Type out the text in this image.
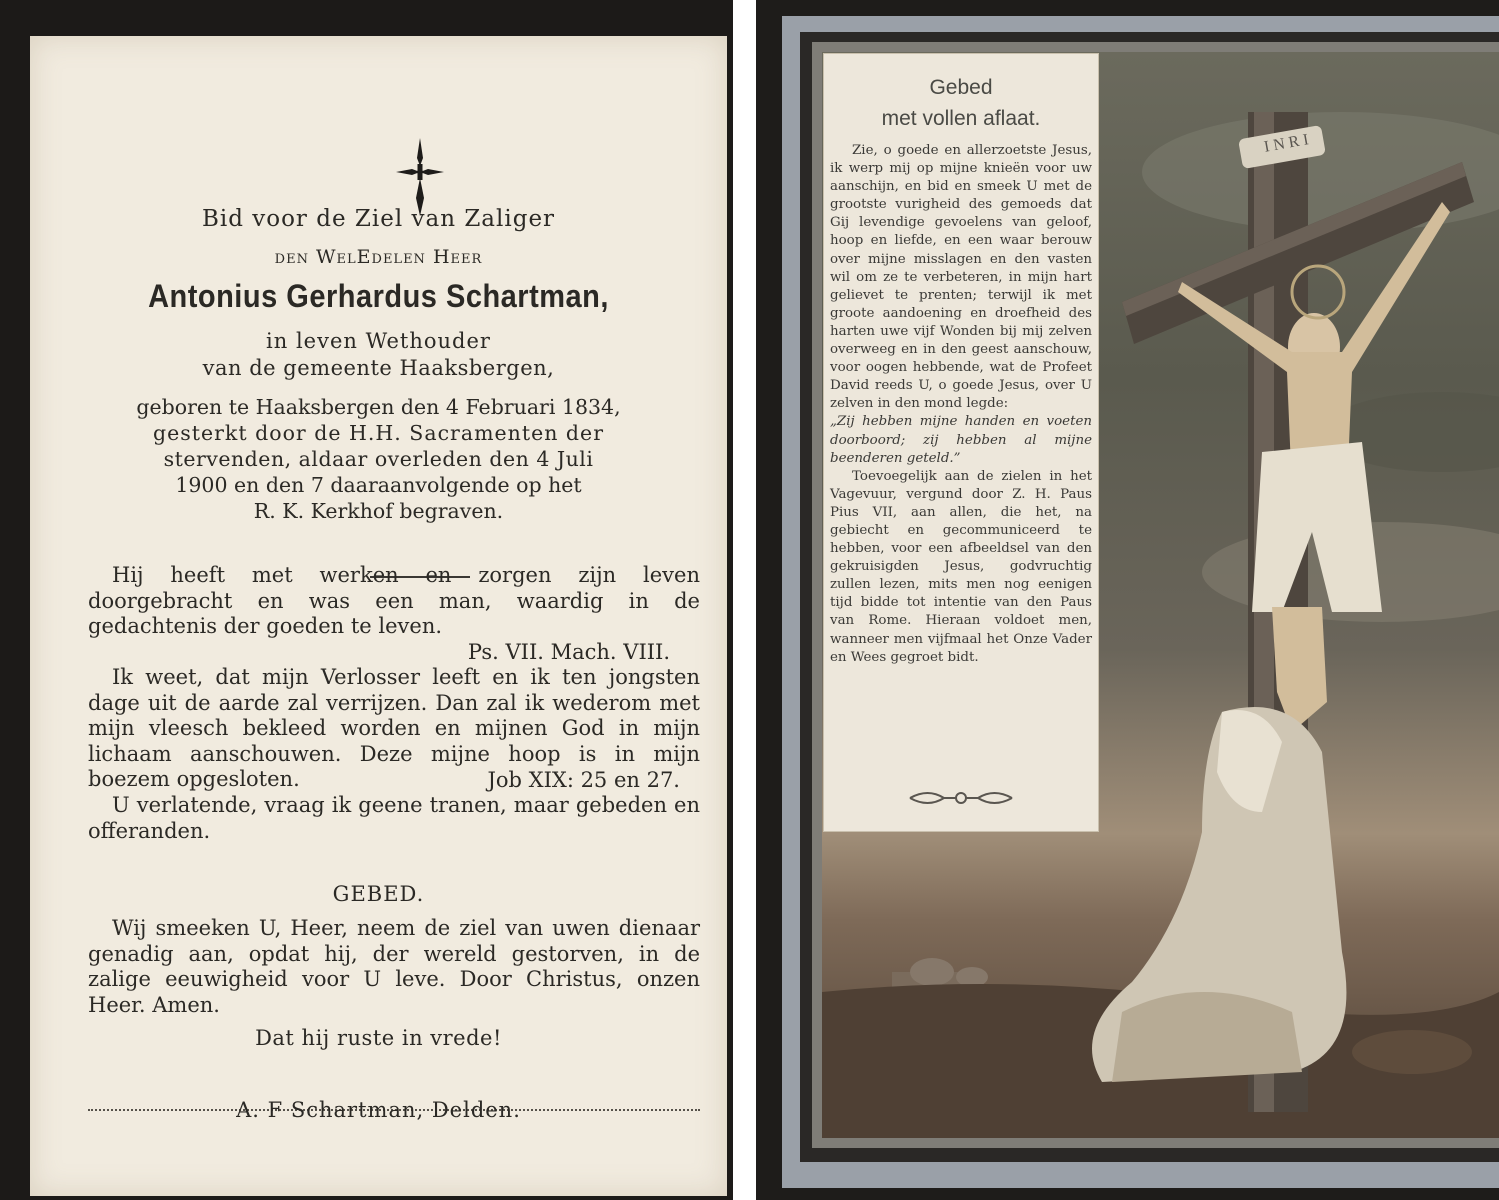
Bid voor de Ziel van Zaliger
den WelEdelen Heer
Antonius Gerhardus Schartman,
in leven Wethouder
van de gemeente Haaksbergen,
geboren te Haaksbergen den 4 Februari 1834,
gesterkt door de H.H. Sacramenten der
stervenden, aldaar overleden den 4 Juli
1900 en den 7 daaraanvolgende op het
R. K. Kerkhof begraven.

Hij heeft met werken en zorgen zijn leven doorgebracht en was een man, waardig in de gedachtenis der goeden te leven.

Ps. VII. Mach. VIII.

Ik weet, dat mijn Verlosser leeft en ik ten jongsten dage uit de aarde zal verrijzen. Dan zal ik wederom met mijn vleesch bekleed worden en mijnen God in mijn lichaam aanschouwen. Deze mijne hoop is in mijn boezem opgesloten.	Job XIX: 25 en 27.

U verlatende, vraag ik geene tranen, maar gebeden en offeranden.

GEBED.
Wij smeeken U, Heer, neem de ziel van uwen dienaar genadig aan, opdat hij, der wereld gestorven, in de zalige eeuwigheid voor U leve. Door Christus, onzen Heer. Amen.
Dat hij ruste in vrede!
A. F Schartman, Delden.
Gebed
met vollen aflaat.

Zie, o goede en allerzoetste Jesus, ik werp mij op mijne knieën voor uw aanschijn, en bid en smeek U met de grootste vurigheid des gemoeds dat Gij levendige gevoelens van geloof, hoop en liefde, en een waar berouw over mijne misslagen en den vasten wil om ze te verbeteren, in mijn hart gelievet te prenten; terwijl ik met groote aandoening en droefheid des harten uwe vijf Wonden bij mij zelven overweeg en in den geest aanschouw, voor oogen hebbende, wat de Profeet David reeds U, o goede Jesus, over U zelven in den mond legde:

„Zij hebben mijne handen en voeten doorboord; zij hebben al mijne beenderen geteld.”

Toevoegelijk aan de zielen in het Vagevuur, vergund door Z. H. Paus Pius VII, aan allen, die het, na gebiecht en gecommuniceerd te hebben, voor een afbeeldsel van den gekruisigden Jesus, godvruchtig zullen lezen, mits men nog eenigen tijd bidde tot intentie van den Paus van Rome. Hieraan voldoet men, wanneer men vijfmaal het Onze Vader en Wees gegroet bidt.

I N R I
